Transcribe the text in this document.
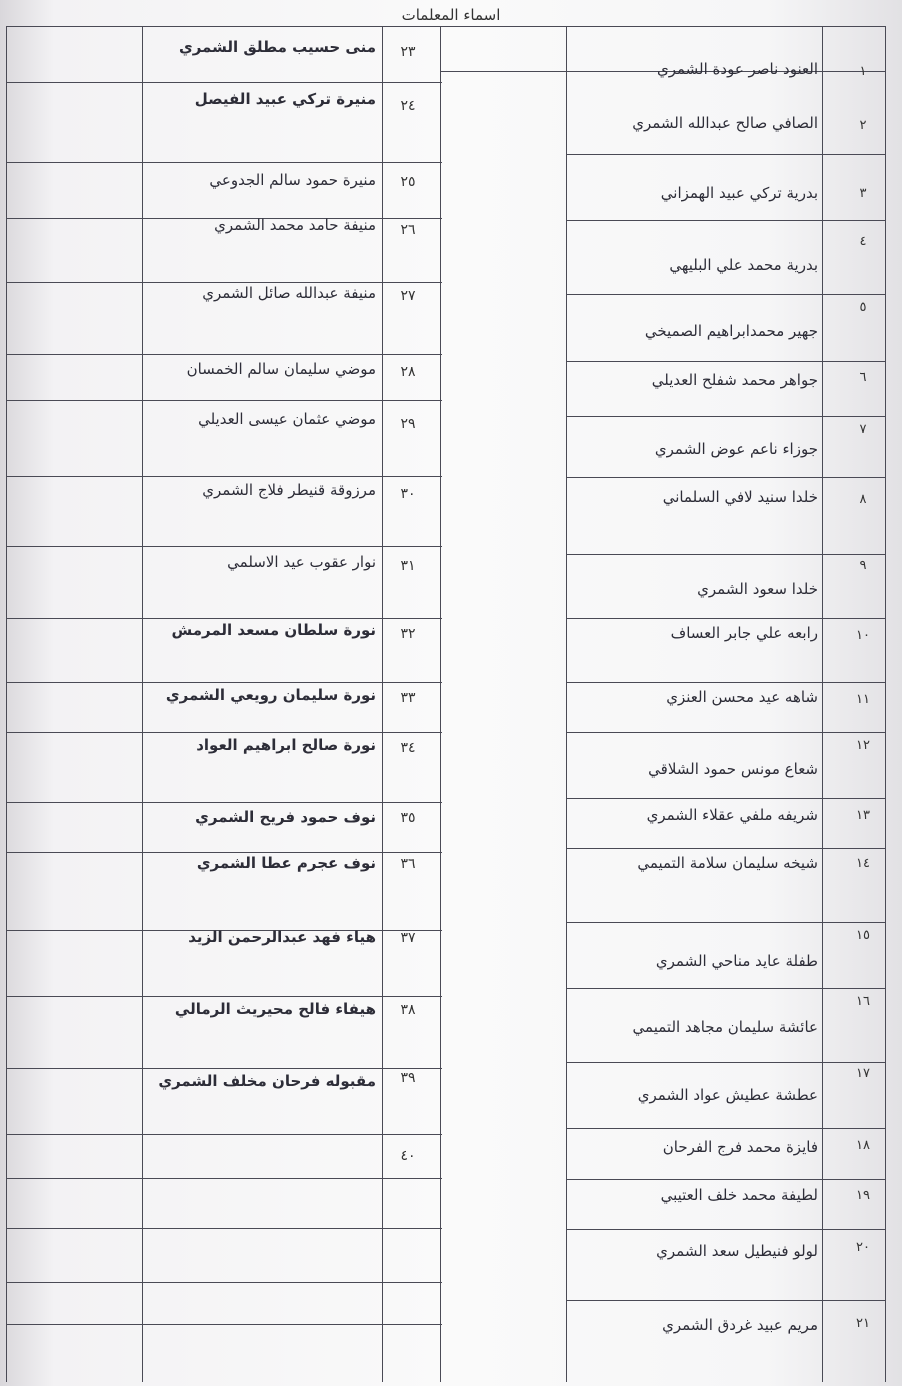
اسماء المعلمات
١
العنود ناصر عودة الشمري
٢
الصافي صالح عبدالله الشمري
٣
بدرية تركي عبيد الهمزاني
٤
بدرية محمد علي البليهي
٥
جهير محمدابراهيم الصميخي
٦
جواهر محمد شفلح العديلي
٧
جوزاء ناعم عوض الشمري
٨
خلدا سنيد لافي السلماني
٩
خلدا سعود الشمري
١٠
رابعه علي جابر العساف
١١
شاهه عيد محسن العنزي
١٢
شعاع مونس حمود الشلاقي
١٣
شريفه ملفي عقلاء الشمري
١٤
شيخه سليمان سلامة التميمي
١٥
طفلة عايد مناحي الشمري
١٦
عائشة سليمان مجاهد التميمي
١٧
عطشة عطيش عواد الشمري
١٨
فايزة محمد فرج الفرحان
١٩
لطيفة محمد خلف العتيبي
٢٠
لولو فنيطيل سعد الشمري
٢١
مريم عبيد غردق الشمري
٢٣
منى حسيب مطلق الشمري
٢٤
منيرة تركي عبيد الفيصل
٢٥
منيرة حمود سالم الجدوعي
٢٦
منيفة حامد محمد الشمري
٢٧
منيفة عبدالله صائل الشمري
٢٨
موضي سليمان سالم الخمسان
٢٩
موضي عثمان عيسى العديلي
٣٠
مرزوقة قنيطر فلاج الشمري
٣١
نوار عقوب عيد الاسلمي
٣٢
نورة سلطان مسعد المرمش
٣٣
نورة سليمان رويعي الشمري
٣٤
نورة صالح ابراهيم العواد
٣٥
نوف حمود فريح الشمري
٣٦
نوف عجرم عطا الشمري
٣٧
هياء فهد عبدالرحمن الزيد
٣٨
هيفاء فالح محيريث الرمالي
٣٩
مقبوله فرحان مخلف الشمري
٤٠
